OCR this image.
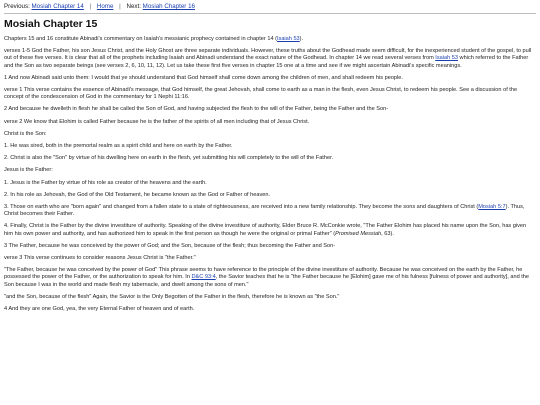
Previous: Mosiah Chapter 14 | Home | Next: Mosiah Chapter 16
Mosiah Chapter 15

Chapters 15 and 16 constitute Abinadi's commentary on Isaiah's messianic prophecy contained in chapter 14 (Isaiah 53).

verses 1-5 God the Father, his son Jesus Christ, and the Holy Ghost are three separate individuals. However, these truths about the Godhead made seem difficult, for the inexperienced student of the gospel, to pull out of these five verses. It is clear that all of the prophets including Isaiah and Abinadi understand the exact nature of the Godhead. In chapter 14 we read several verses from Isaiah 53 which referred to the Father and the Son as two separate beings (see verses 2, 6, 10, 11, 12). Let us take these first five verses in chapter 15 one at a time and see if we might ascertain Abinadi's specific meanings.

1 And now Abinadi said unto them: I would that ye should understand that God himself shall come down among the children of men, and shall redeem his people.

verse 1 This verse contains the essence of Abinadi's message, that God himself, the great Jehovah, shall come to earth as a man in the flesh, even Jesus Christ, to redeem his people. See a discussion of the concept of the condescension of God in the commentary for 1 Nephi 11:16.

2 And because he dwelleth in flesh he shall be called the Son of God, and having subjected the flesh to the will of the Father, being the Father and the Son-

verse 2 We know that Elohim is called Father because he is the father of the spirits of all men including that of Jesus Christ.

Christ is the Son:

1. He was sired, both in the premortal realm as a spirit child and here on earth by the Father.

2. Christ is also the "Son" by virtue of his dwelling here on earth in the flesh, yet submitting his will completely to the will of the Father.

Jesus is the Father:

1. Jesus is the Father by virtue of his role as creator of the heavens and the earth.

2. In his role as Jehovah, the God of the Old Testament, he became known as the God or Father of heaven.

3. Those on earth who are "born again" and changed from a fallen state to a state of righteousness, are received into a new family relationship. They become the sons and daughters of Christ (Mosiah 5:7). Thus, Christ becomes their Father.

4. Finally, Christ is the Father by the divine investiture of authority. Speaking of the divine investiture of authority, Elder Bruce R. McConkie wrote, "The Father Elohim has placed his name upon the Son, has given him his own power and authority, and has authorized him to speak in the first person as though he were the original or primal Father" (Promised Messiah, 63).

3 The Father, because he was conceived by the power of God; and the Son, because of the flesh; thus becoming the Father and Son-

verse 3 This verse continues to consider reasons Jesus Christ is "the Father."

"The Father, because he was conceived by the power of God" This phrase seems to have reference to the principle of the divine investiture of authority. Because he was conceived on the earth by the Father, he possessed the power of the Father, or the authorization to speak for him. In D&C 93:4, the Savior teaches that he is "the Father because he [Elohim] gave me of his fulness [fulness of power and authority], and the Son because I was in the world and made flesh my tabernacle, and dwelt among the sons of men."

"and the Son, because of the flesh" Again, the Savior is the Only Begotten of the Father in the flesh, therefore he is known as "the Son."

4 And they are one God, yea, the very Eternal Father of heaven and of earth.
